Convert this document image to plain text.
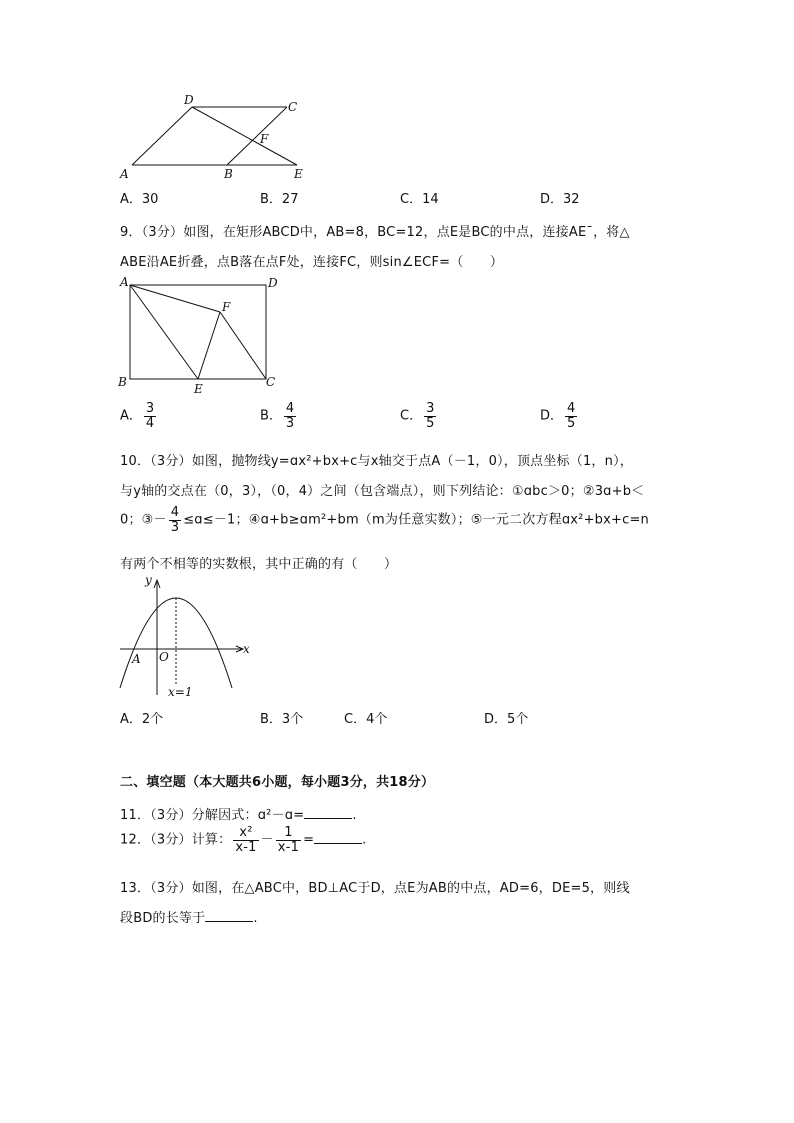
D	C
F
A	B	E
A．30	B．27	C．14	D．32
9．（3分）如图，在矩形ABCD中，AB=8，BC=12，点E是BC的中点，连接AEˉ，将△
ABE沿AE折叠，点B落在点F处，连接FC，则sin∠ECF=（　　）
A	D
F
B	E	C
A． $\frac{3}{4}$	B． $\frac{4}{3}$	C． $\frac{3}{5}$	D． $\frac{4}{5}$
10．（3分）如图，抛物线y=ɑx²+bx+c与x轴交于点A（－1，0），顶点坐标（1，n），
与y轴的交点在（0，3），（0，4）之间（包含端点），则下列结论：①ɑbc＞0；②3ɑ+b＜
0；③－ $\frac{4}{3}$ ≤ɑ≤－1；④ɑ+b≥ɑm²+bm（m为任意实数）；⑤一元二次方程ɑx²+bx+c=n
有两个不相等的实数根，其中正确的有（　　）
y
x
A O
x=1
A．2个	B．3个	C．4个	D．5个
二、填空题（本大题共6小题，每小题3分，共18分）
11．（3分）分解因式：ɑ²－ɑ=	.
12．（3分）计算： $\frac{\text{x²}}{x-1} - \frac{1}{x-1}$ =	.
13．（3分）如图，在△ABC中，BD⊥AC于D，点E为AB的中点，AD=6，DE=5，则线
段BD的长等于	.
